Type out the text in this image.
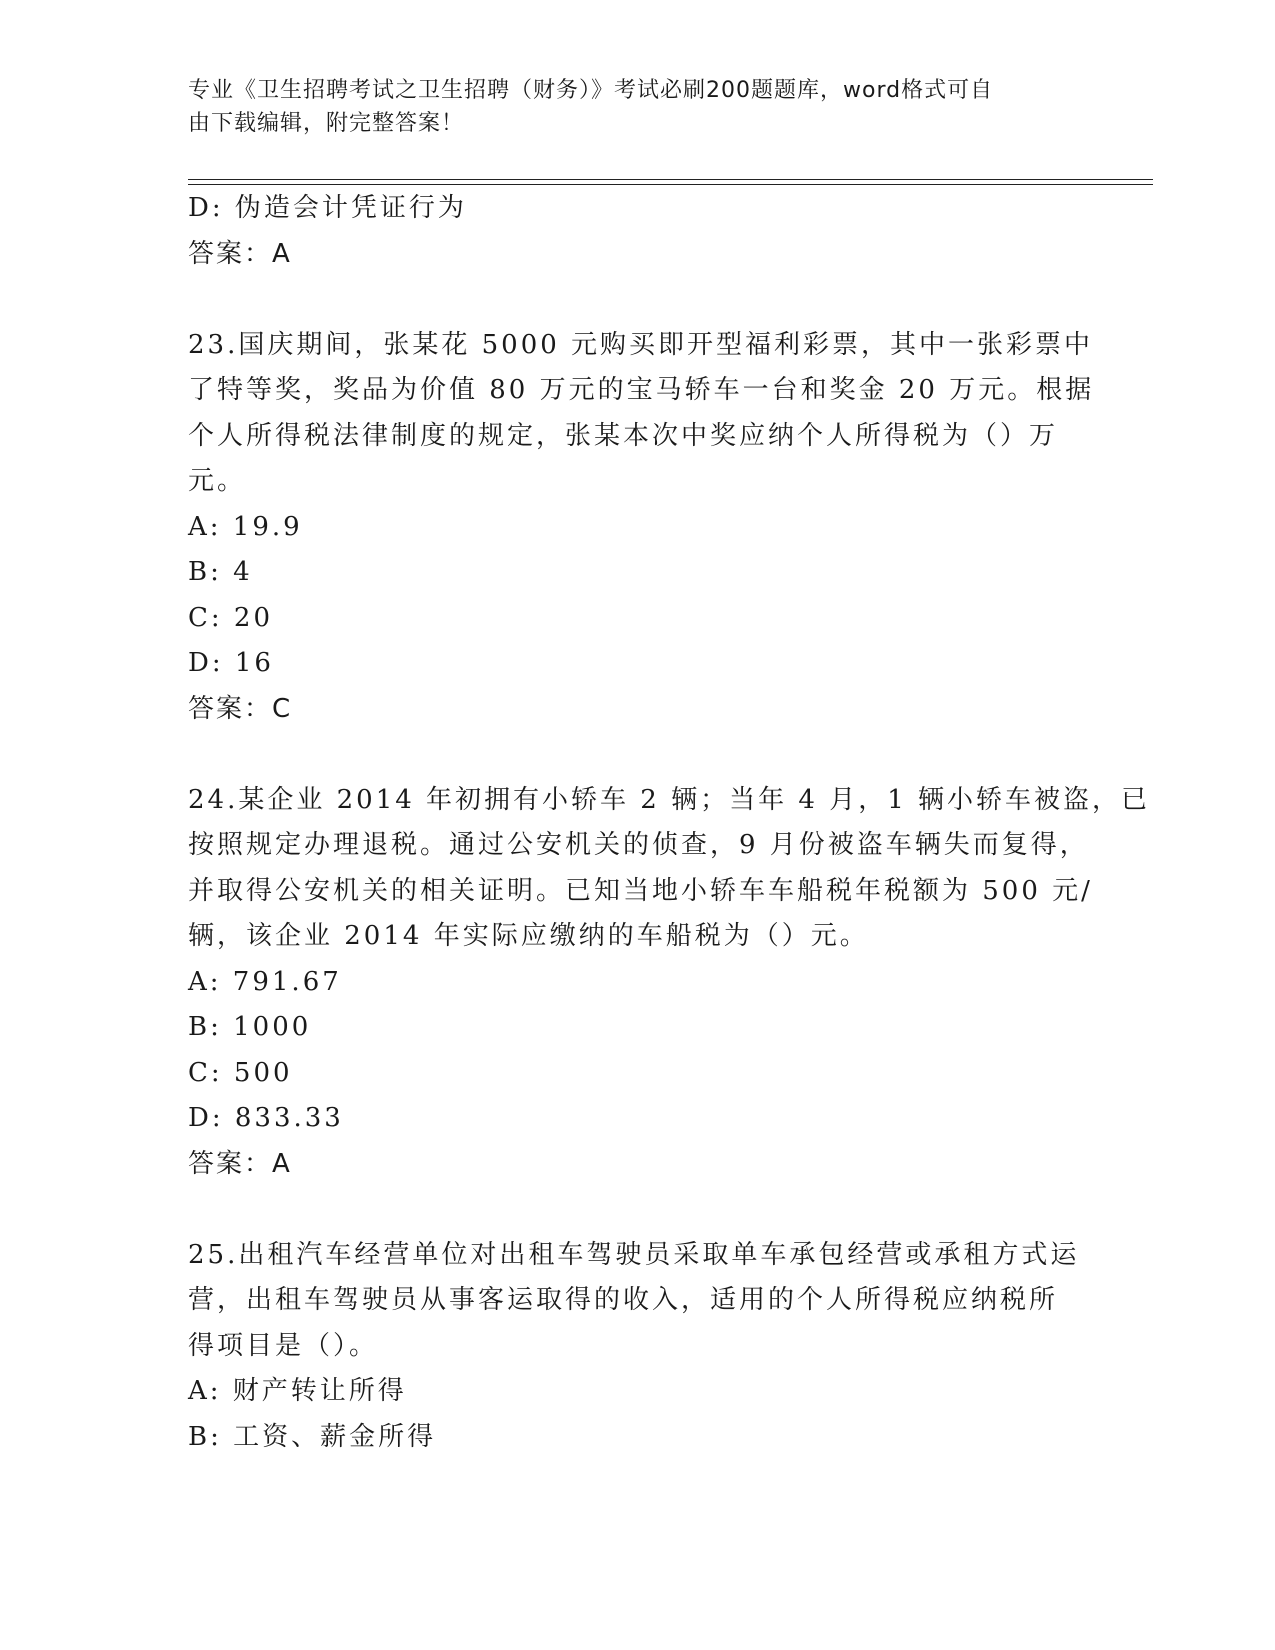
专业《卫生招聘考试之卫生招聘（财务）》考试必刷200题题库，word格式可自
由下载编辑，附完整答案！
D: 伪造会计凭证行为
答案：A
23.国庆期间，张某花 5000 元购买即开型福利彩票，其中一张彩票中
了特等奖，奖品为价值 80 万元的宝马轿车一台和奖金 20 万元。根据
个人所得税法律制度的规定，张某本次中奖应纳个人所得税为（）万
元。
A: 19.9
B: 4
C: 20
D: 16
答案：C
24.某企业 2014 年初拥有小轿车 2 辆；当年 4 月，1 辆小轿车被盗，已
按照规定办理退税。通过公安机关的侦查，9 月份被盗车辆失而复得，
并取得公安机关的相关证明。已知当地小轿车车船税年税额为 500 元/
辆，该企业 2014 年实际应缴纳的车船税为（）元。
A: 791.67
B: 1000
C: 500
D: 833.33
答案：A
25.出租汽车经营单位对出租车驾驶员采取单车承包经营或承租方式运
营，出租车驾驶员从事客运取得的收入，适用的个人所得税应纳税所
得项目是（）。
A: 财产转让所得
B: 工资、薪金所得
